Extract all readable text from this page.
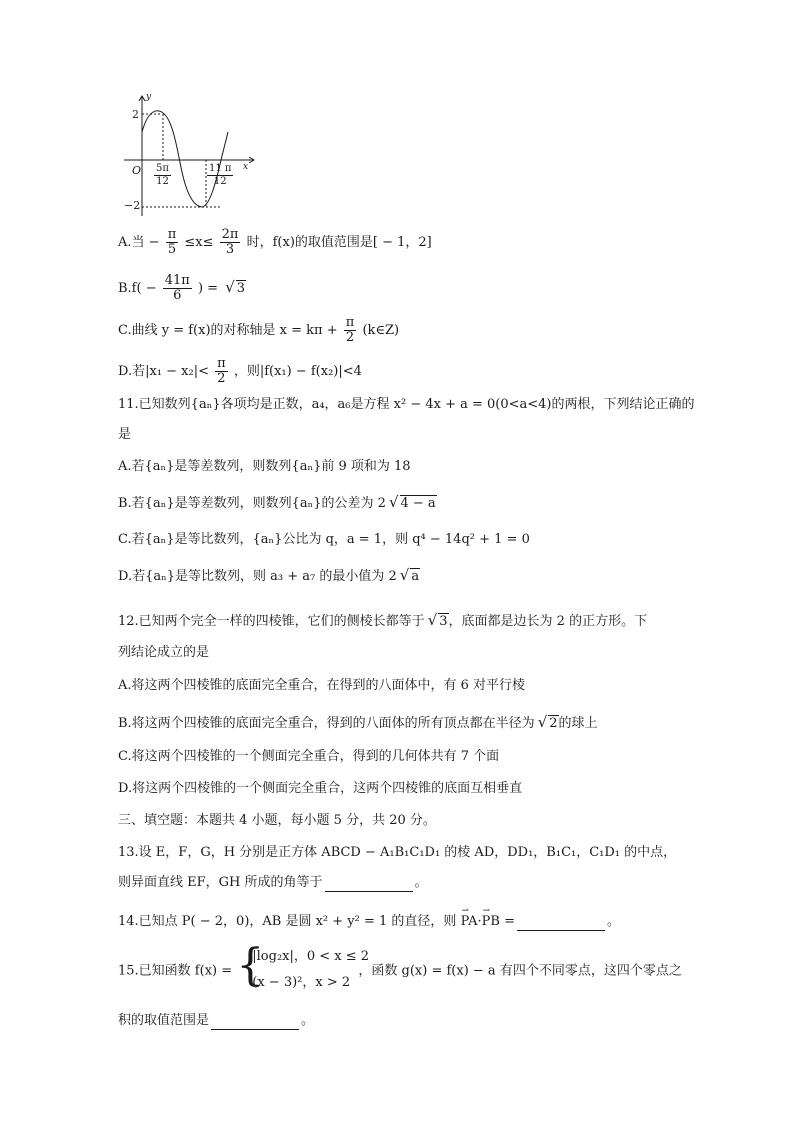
y
x
O
2
−2
$\frac{5\pi}{12}$	$\frac{11 \pi}{12}$
A.当 − $\frac{\pi}{5} \le x\le \frac{2\pi}{3}$ 时，f(x)的取值范围是[ − 1，2]
$B.f( - \frac{41\pi}{6}$ ) = √ 3
C.曲线 y = f(x)的对称轴是 $x = k\pi + \frac{\pi}{2}$ (k∈Z)
D.若$|x_1 - x_2|< \frac{\pi}{2}$ ，则|f(x₁) − f(x₂)|<4
11.已知数列{aₙ}各项均是正数，a₄，a₆是方程 x² − 4x + a = 0(0<a<4)的两根，下列结论正确的
是
A.若{aₙ}是等差数列，则数列{aₙ}前 9 项和为 18
B.若{aₙ}是等差数列，则数列{aₙ}的公差为 2 √ 4 − a
C.若{aₙ}是等比数列，{aₙ}公比为 q，a = 1，则 q⁴ − 14q² + 1 = 0
D.若{aₙ}是等比数列，则 a₃ + a₇ 的最小值为 2 √ a
12.已知两个完全一样的四棱锥，它们的侧棱长都等于 √ 3，底面都是边长为 2 的正方形。下
列结论成立的是
A.将这两个四棱锥的底面完全重合，在得到的八面体中，有 6 对平行棱
B.将这两个四棱锥的底面完全重合，得到的八面体的所有顶点都在半径为 √ 2的球上
C.将这两个四棱锥的一个侧面完全重合，得到的几何体共有 7 个面
D.将这两个四棱锥的一个侧面完全重合，这两个四棱锥的底面互相垂直
三、填空题：本题共 4 小题，每小题 5 分，共 20 分。
13.设 E，F，G，H 分别是正方体 ABCD − A₁B₁C₁D₁ 的棱 AD，DD₁，B₁C₁，C₁D₁ 的中点，
则异面直线 EF，GH 所成的角等于	。
14.已知点 P( − 2，0)，AB 是圆 x² + y² = 1 的直径，则 ⇀ PA·⇀ PB =	。
15.已知函数 f(x) = {
|log₂x|，0 < x ≤ 2
(x − 3)²，x > 2
，函数 g(x) = f(x) − a 有四个不同零点，这四个零点之
积的取值范围是	。
